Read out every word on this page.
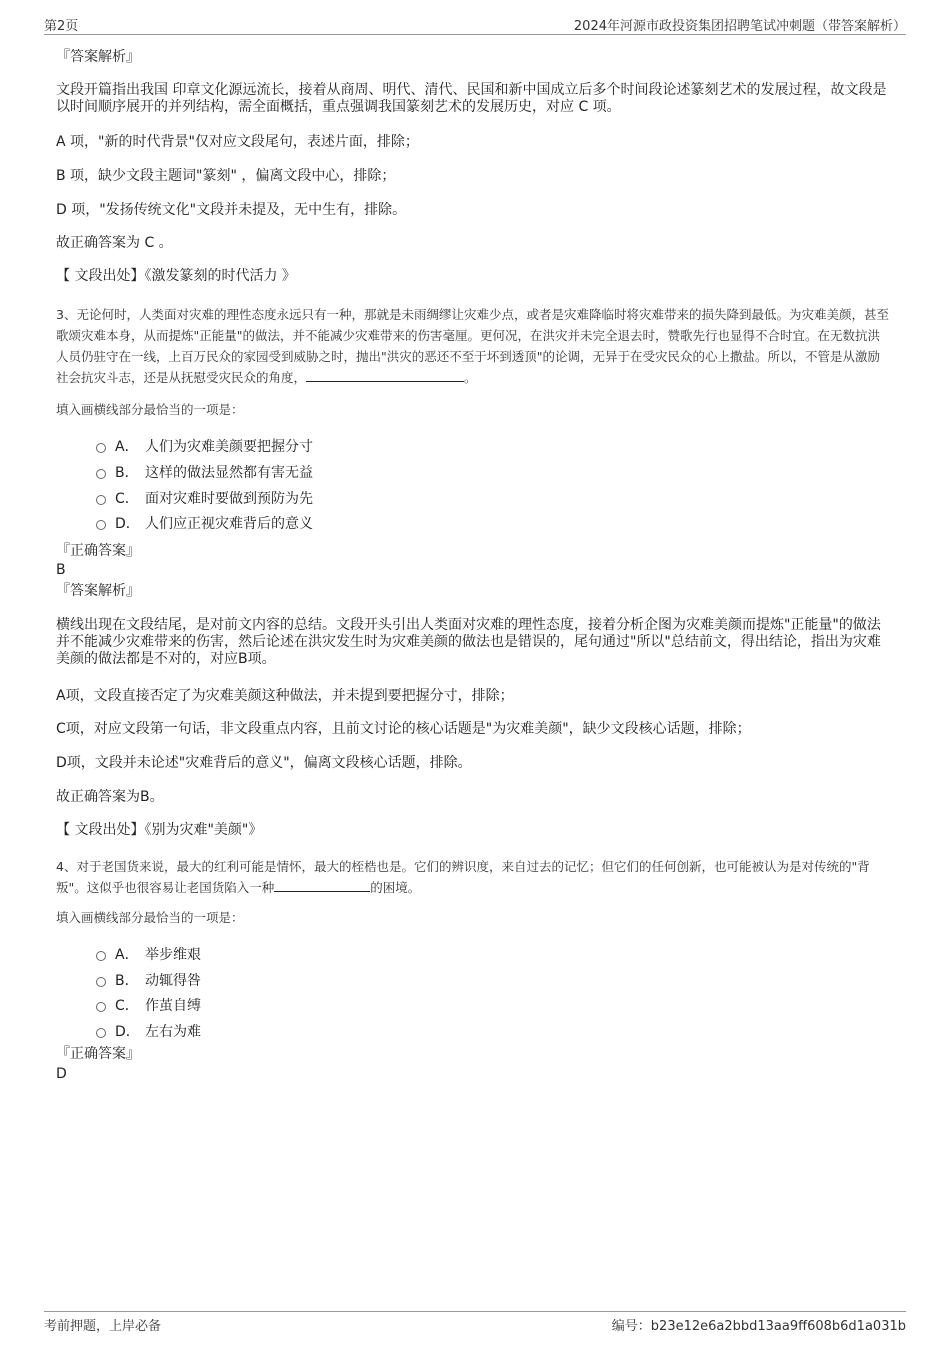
第2页	2024年河源市政投资集团招聘笔试冲刺题（带答案解析）
『答案解析』
文段开篇指出我国 印章文化源远流长，接着从商周、明代、清代、民国和新中国成立后多个时间段论述篆刻艺术的发展过程，故文段是以时间顺序展开的并列结构，需全面概括，重点强调我国篆刻艺术的发展历史，对应 C 项。
A 项，"新的时代背景"仅对应文段尾句，表述片面，排除；
B 项，缺少文段主题词"篆刻" ，偏离文段中心，排除；
D 项，"发扬传统文化"文段并未提及，无中生有，排除。
故正确答案为 C 。
【 文段出处】《激发篆刻的时代活力 》
3、无论何时，人类面对灾难的理性态度永远只有一种，那就是未雨绸缪让灾难少点，或者是灾难降临时将灾难带来的损失降到最低。为灾难美颜，甚至歌颂灾难本身，从而提炼"正能量"的做法，并不能减少灾难带来的伤害毫厘。更何况，在洪灾并未完全退去时，赞歌先行也显得不合时宜。在无数抗洪人员仍驻守在一线，上百万民众的家园受到威胁之时，抛出"洪灾的恶还不至于坏到透顶"的论调，无异于在受灾民众的心上撒盐。所以，不管是从激励社会抗灾斗志，还是从抚慰受灾民众的角度，	。
填入画横线部分最恰当的一项是：
A． 人们为灾难美颜要把握分寸
B． 这样的做法显然都有害无益
C． 面对灾难时要做到预防为先
D． 人们应正视灾难背后的意义
『正确答案』
B
『答案解析』
横线出现在文段结尾，是对前文内容的总结。文段开头引出人类面对灾难的理性态度，接着分析企图为灾难美颜而提炼"正能量"的做法并不能减少灾难带来的伤害，然后论述在洪灾发生时为灾难美颜的做法也是错误的，尾句通过"所以"总结前文，得出结论，指出为灾难美颜的做法都是不对的，对应B项。
A项，文段直接否定了为灾难美颜这种做法，并未提到要把握分寸，排除；
C项，对应文段第一句话，非文段重点内容，且前文讨论的核心话题是"为灾难美颜"，缺少文段核心话题，排除；
D项，文段并未论述"灾难背后的意义"，偏离文段核心话题，排除。
故正确答案为B。
【 文段出处】《别为灾难"美颜"》
4、对于老国货来说，最大的红利可能是情怀，最大的桎梏也是。它们的辨识度，来自过去的记忆；但它们的任何创新，也可能被认为是对传统的"背叛"。这似乎也很容易让老国货陷入一种	的困境。
填入画横线部分最恰当的一项是：
A． 举步维艰
B． 动辄得咎
C． 作茧自缚
D． 左右为难
『正确答案』
D
考前押题，上岸必备	编号：b23e12e6a2bbd13aa9ff608b6d1a031b
